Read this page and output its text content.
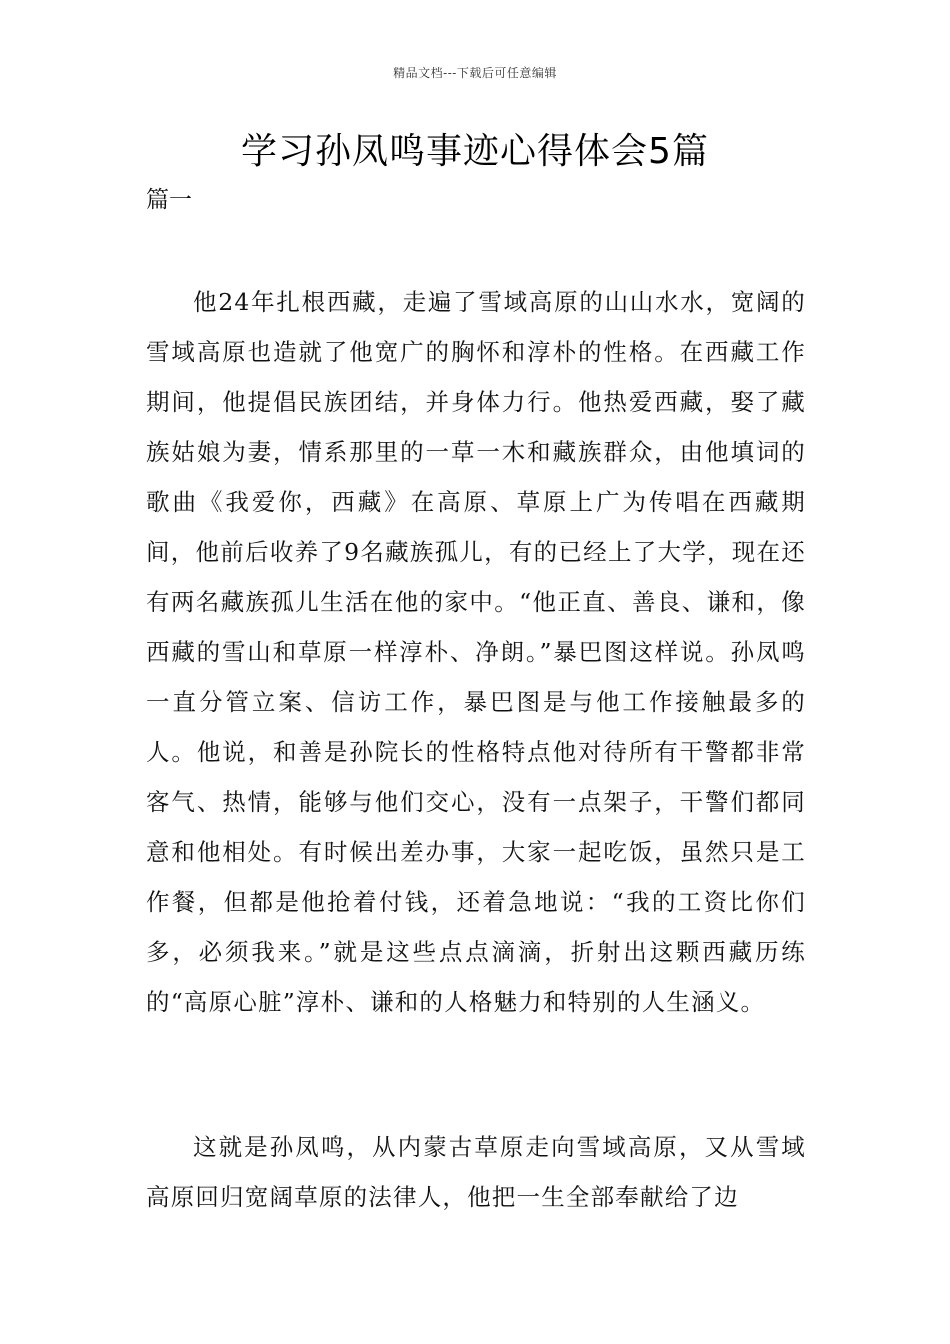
精品文档---下载后可任意编辑
学习孙凤鸣事迹心得体会5篇
篇一

他24年扎根西藏，走遍了雪域高原的山山水水，宽阔的雪域高原也造就了他宽广的胸怀和淳朴的性格。在西藏工作期间，他提倡民族团结，并身体力行。他热爱西藏，娶了藏族姑娘为妻，情系那里的一草一木和藏族群众，由他填词的歌曲《我爱你，西藏》在高原、草原上广为传唱在西藏期间，他前后收养了9名藏族孤儿，有的已经上了大学，现在还有两名藏族孤儿生活在他的家中。“他正直、善良、谦和，像西藏的雪山和草原一样淳朴、净朗。”暴巴图这样说。孙凤鸣一直分管立案、信访工作，暴巴图是与他工作接触最多的人。他说，和善是孙院长的性格特点他对待所有干警都非常客气、热情，能够与他们交心，没有一点架子，干警们都同意和他相处。有时候出差办事，大家一起吃饭，虽然只是工作餐，但都是他抢着付钱，还着急地说：“我的工资比你们多，必须我来。”就是这些点点滴滴，折射出这颗西藏历练的“高原心脏”淳朴、谦和的人格魅力和特别的人生涵义。

这就是孙凤鸣，从内蒙古草原走向雪域高原，又从雪域高原回归宽阔草原的法律人，他把一生全部奉献给了边
